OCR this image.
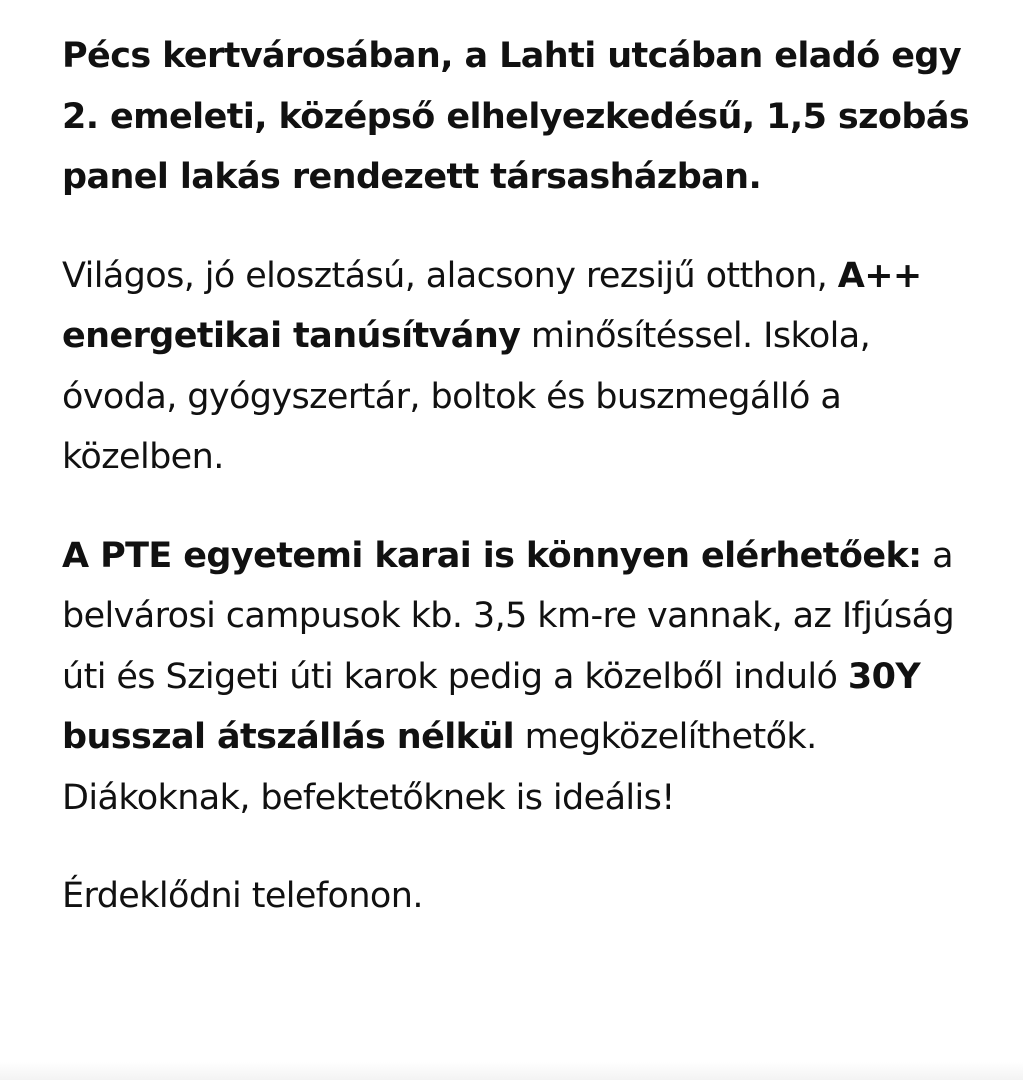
Pécs kertvárosában, a Lahti utcában eladó egy 2. emeleti, középső elhelyezkedésű, 1,5 szobás panel lakás rendezett társasházban.

Világos, jó elosztású, alacsony rezsijű otthon, A++ energetikai tanúsítvány minősítéssel. Iskola, óvoda, gyógyszertár, boltok és buszmegálló a közelben.

A PTE egyetemi karai is könnyen elérhetőek: a belvárosi campusok kb. 3,5 km-re vannak, az Ifjúság úti és Szigeti úti karok pedig a közelből induló 30Y busszal átszállás nélkül megközelíthetők. Diákoknak, befektetőknek is ideális!

Érdeklődni telefonon.
